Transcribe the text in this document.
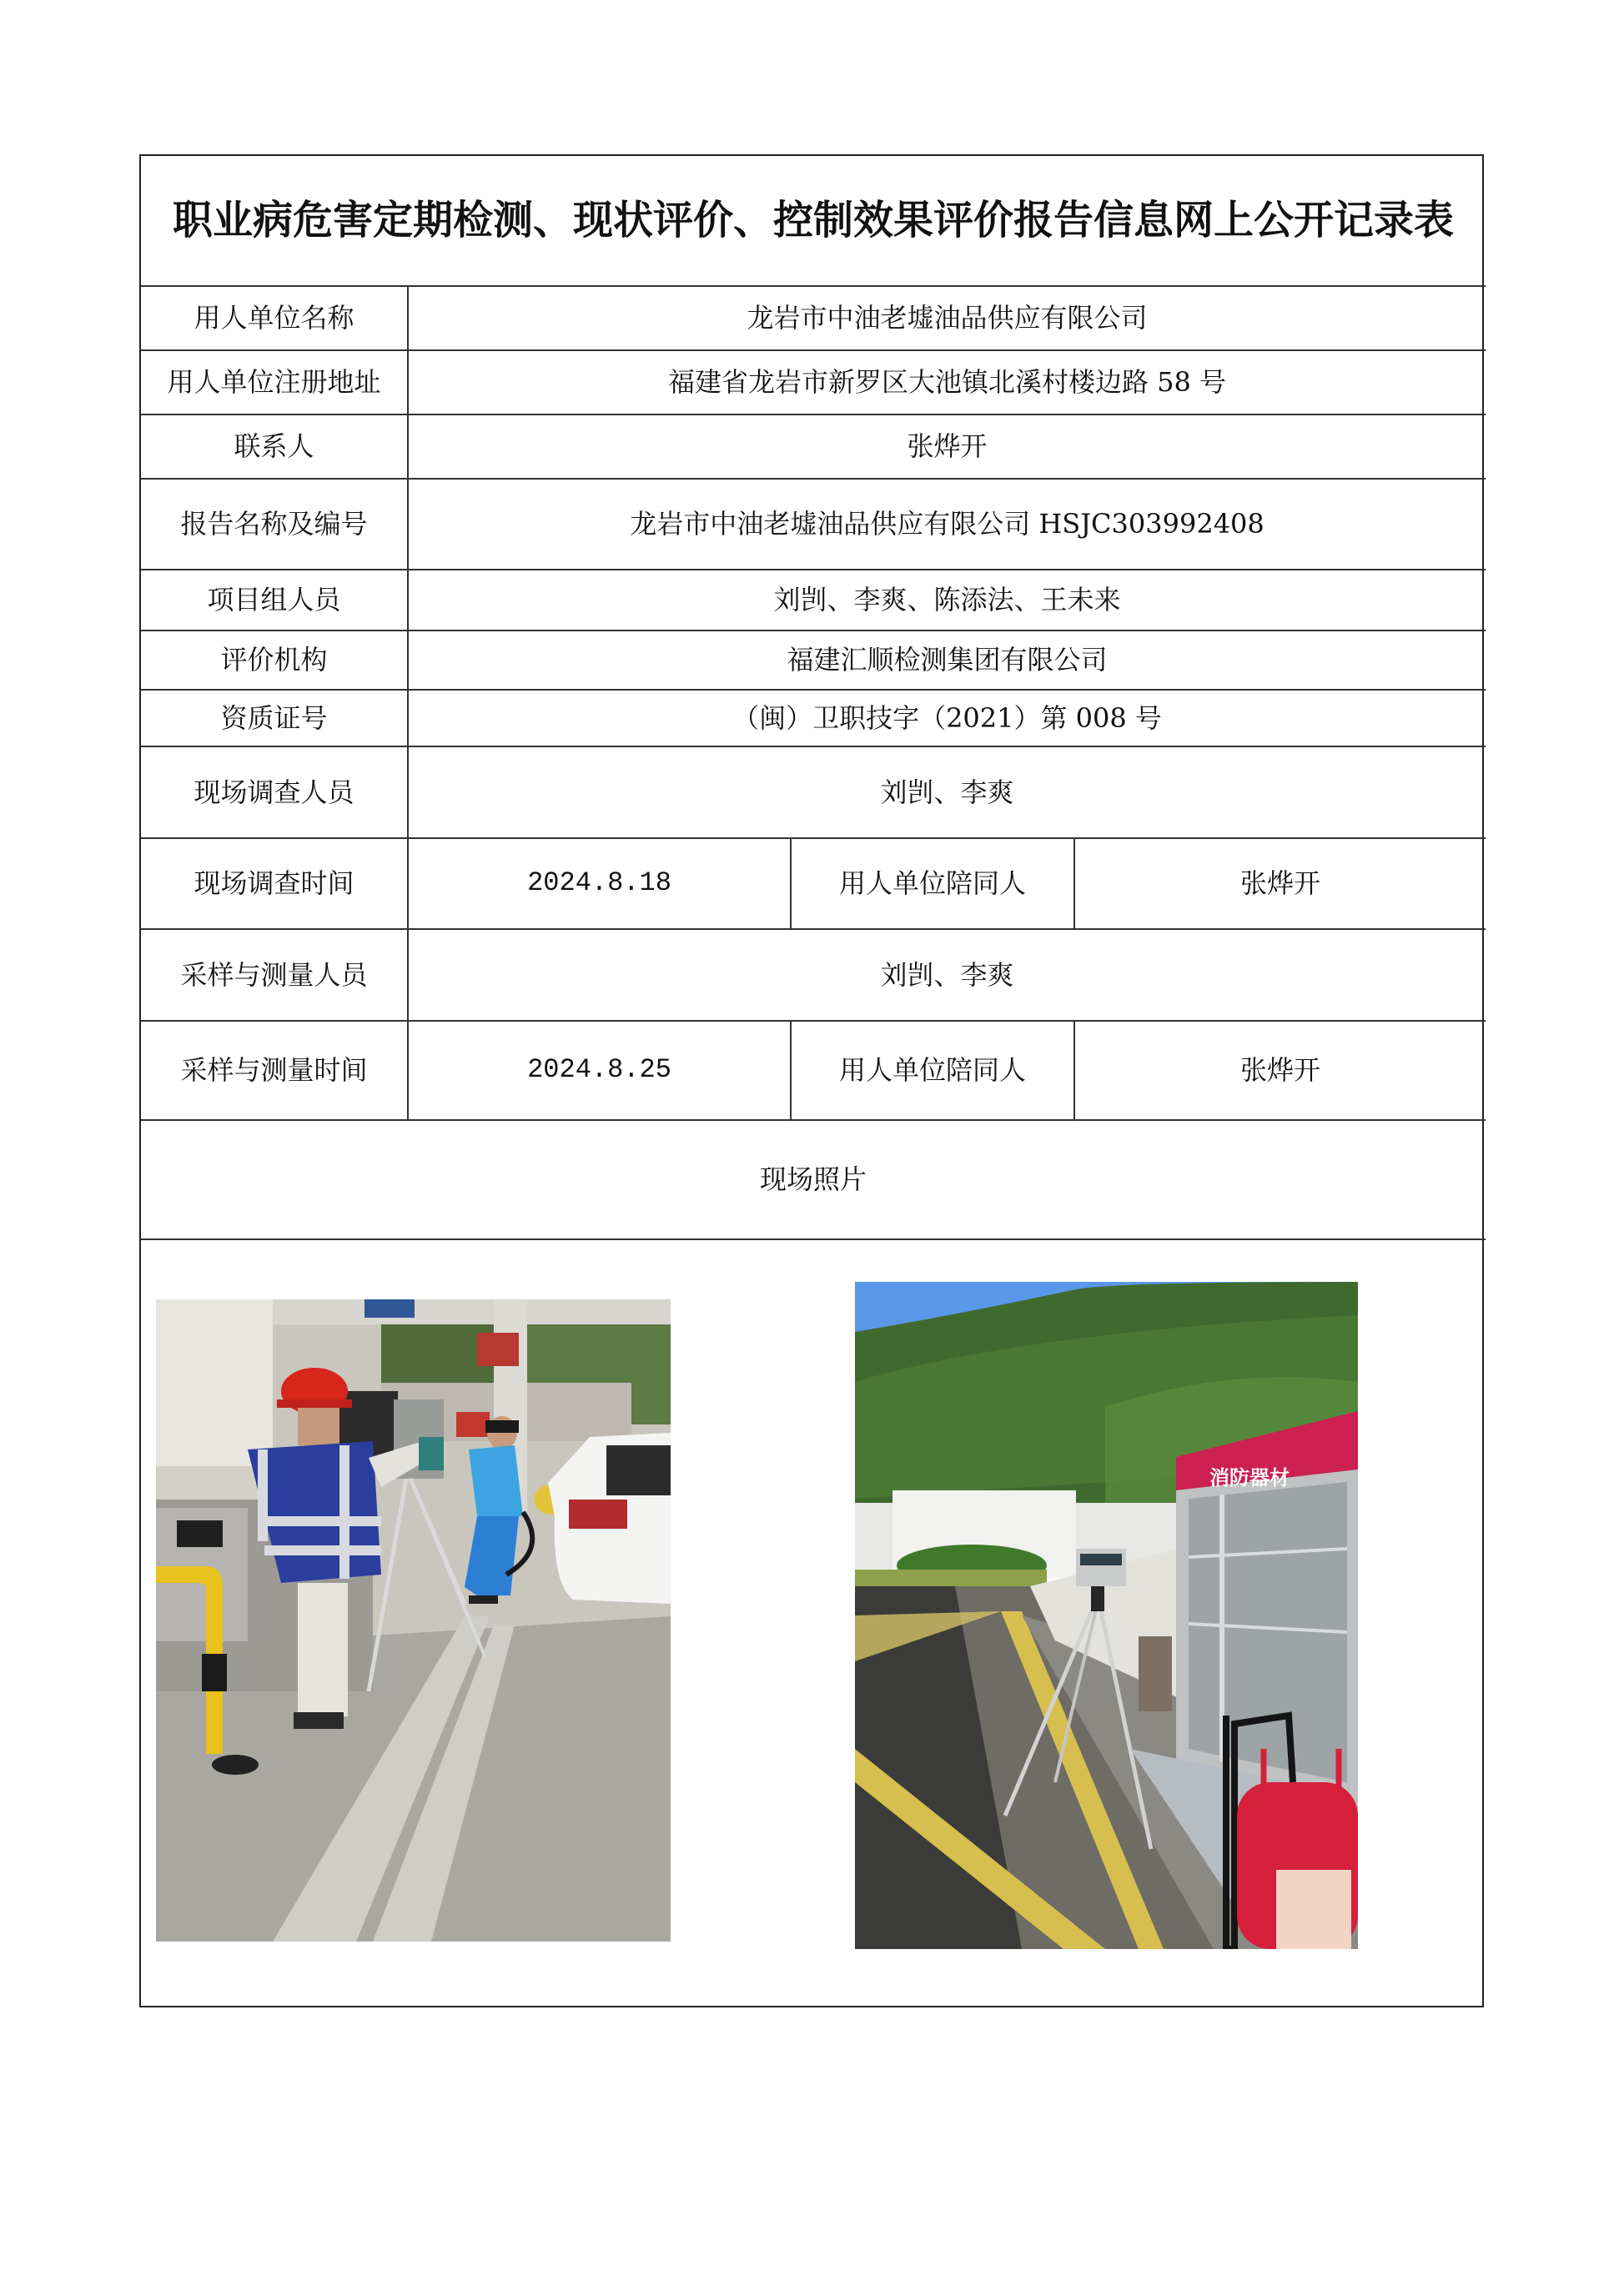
职业病危害定期检测、现状评价、控制效果评价报告信息网上公开记录表			
用人单位名称	龙岩市中油老墟油品供应有限公司		
用人单位注册地址	福建省龙岩市新罗区大池镇北溪村楼边路 58 号		
联系人	张烨开		
报告名称及编号	龙岩市中油老墟油品供应有限公司 HSJC303992408		
项目组人员	刘剀、李爽、陈添法、王未来		
评价机构	福建汇顺检测集团有限公司		
资质证号	（闽）卫职技字（2021）第 008 号		
现场调查人员	刘剀、李爽		
现场调查时间	2024.8.18	用人单位陪同人	张烨开
采样与测量人员	刘剀、李爽		
采样与测量时间	2024.8.25	用人单位陪同人	张烨开
现场照片			

消防器材			
